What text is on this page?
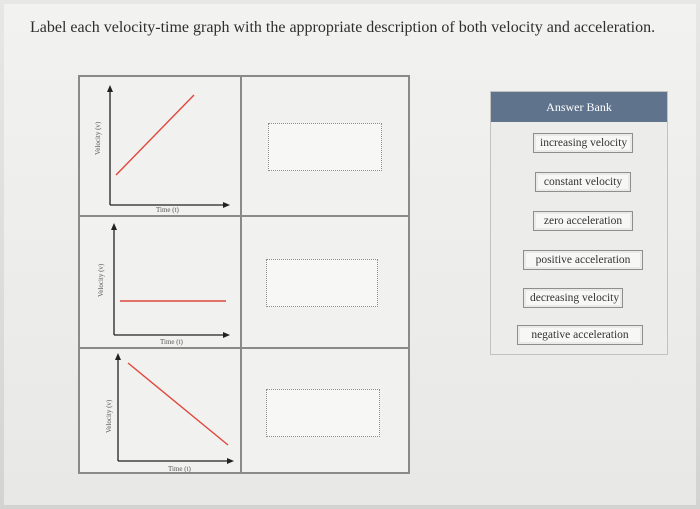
Label each velocity-time graph with the appropriate description of both velocity and acceleration.
Velocity (v)
Time (t)
Velocity (v)
Time (t)
Velocity (v)
Time (t)
Answer Bank
increasing velocity
constant velocity
zero acceleration
positive acceleration
decreasing velocity
negative acceleration
